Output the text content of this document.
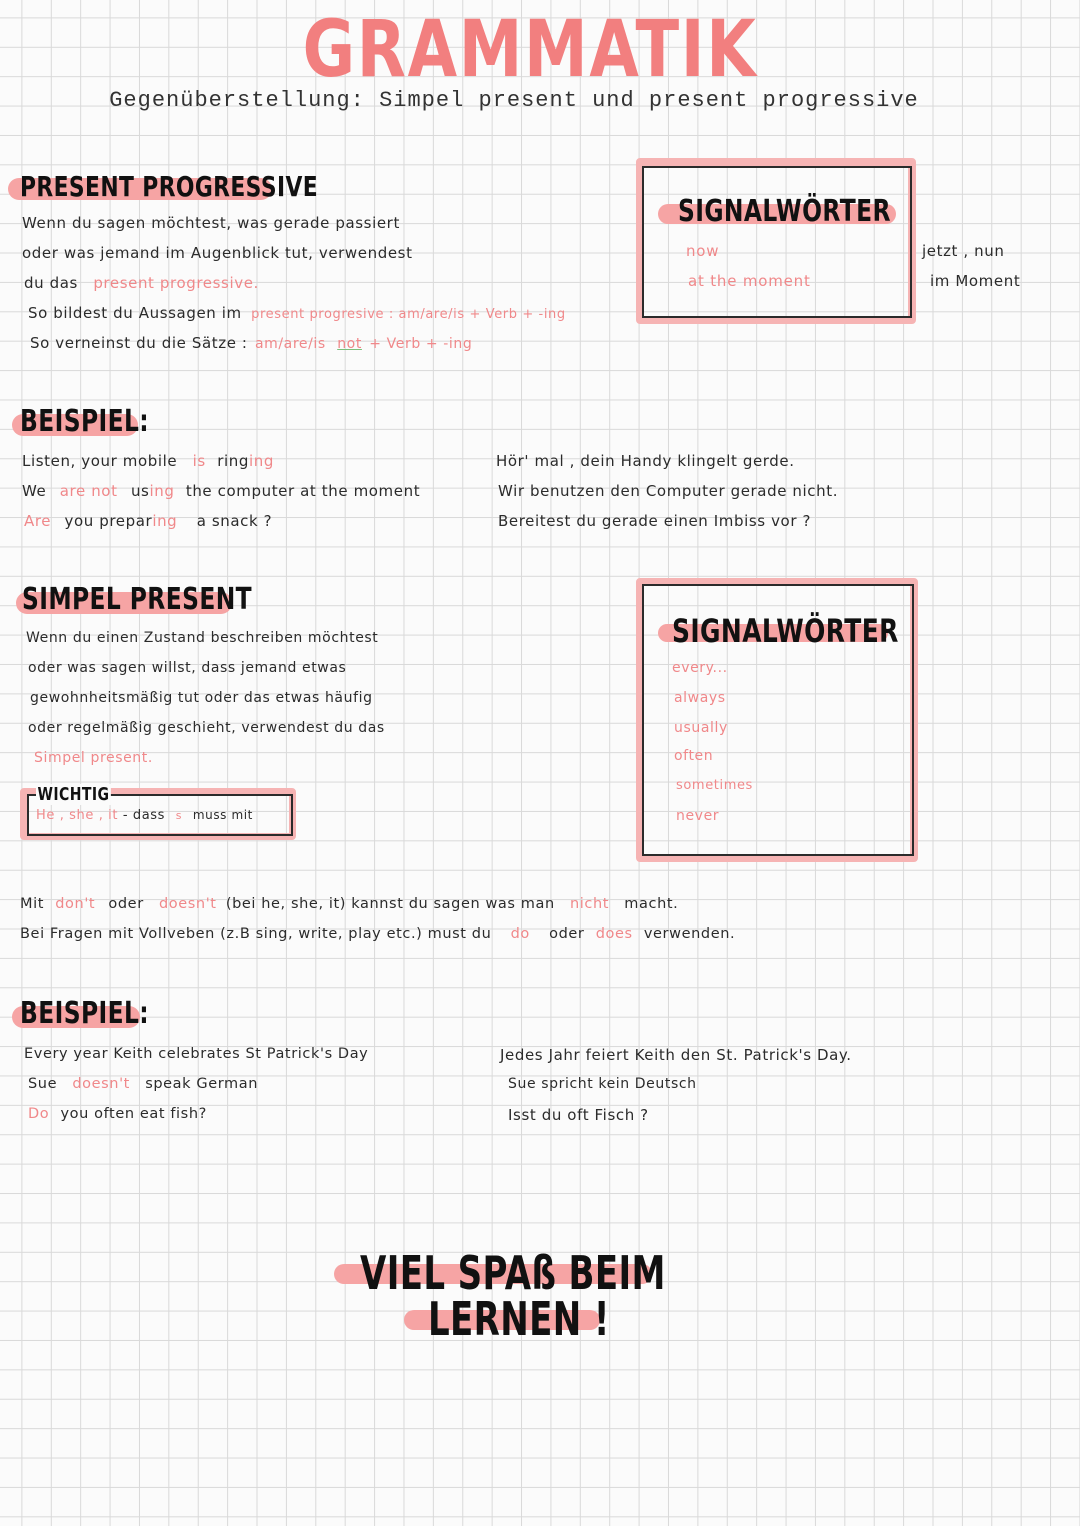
GRAMMATIK
Gegenüberstellung: Simpel present und present progressive
PRESENT PROGRESSIVE
Wenn du sagen möchtest, was gerade passiert
oder was jemand im Augenblick tut, verwendest
du das present progressive.
So bildest du Aussagen im present progresive : am/are/is + Verb + -ing
So verneinst du die Sätze : am/are/is not + Verb + -ing
SIGNALWÖRTER
now
at the moment
jetzt , nun
im Moment
BEISPIEL:
Listen, your mobile is ringing
We are not using the computer at the moment
Are you preparing a snack ?
Hör' mal , dein Handy klingelt gerde.
Wir benutzen den Computer gerade nicht.
Bereitest du gerade einen Imbiss vor ?
SIMPEL PRESENT
Wenn du einen Zustand beschreiben möchtest
oder was sagen willst, dass jemand etwas
gewohnheitsmäßig tut oder das etwas häufig
oder regelmäßig geschieht, verwendest du das
Simpel present.
WICHTIG
He , she , it - dass s muss mit
SIGNALWÖRTER
every...
always
usually
often
sometimes
never
Mit don't oder doesn't (bei he, she, it) kannst du sagen was man nicht macht.
Bei Fragen mit Vollveben (z.B sing, write, play etc.) must du do oder does verwenden.
BEISPIEL:
Every year Keith celebrates St Patrick's Day
Sue doesn't speak German
Do you often eat fish?
Jedes Jahr feiert Keith den St. Patrick's Day.
Sue spricht kein Deutsch
Isst du oft Fisch ?
VIEL SPAß BEIM
LERNEN !
